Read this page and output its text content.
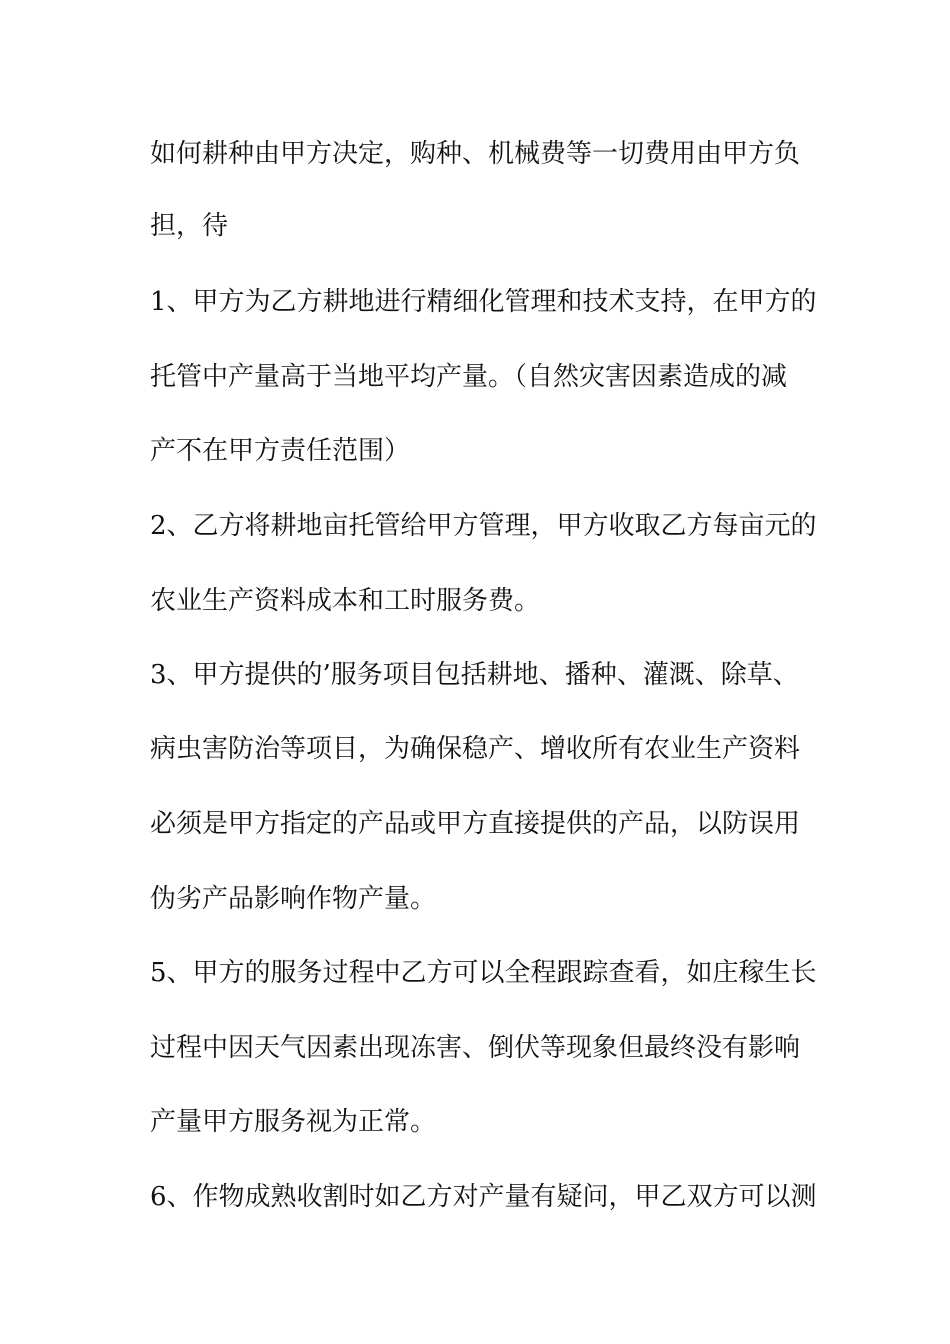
如何耕种由甲方决定，购种、机械费等一切费用由甲方负
担，待
1、甲方为乙方耕地进行精细化管理和技术支持，在甲方的
托管中产量高于当地平均产量。（自然灾害因素造成的减
产不在甲方责任范围）
2、乙方将耕地亩托管给甲方管理，甲方收取乙方每亩元的
农业生产资料成本和工时服务费。
3、甲方提供的’服务项目包括耕地、播种、灌溉、除草、
病虫害防治等项目，为确保稳产、增收所有农业生产资料
必须是甲方指定的产品或甲方直接提供的产品，以防误用
伪劣产品影响作物产量。
5、甲方的服务过程中乙方可以全程跟踪查看，如庄稼生长
过程中因天气因素出现冻害、倒伏等现象但最终没有影响
产量甲方服务视为正常。
6、作物成熟收割时如乙方对产量有疑问，甲乙双方可以测
